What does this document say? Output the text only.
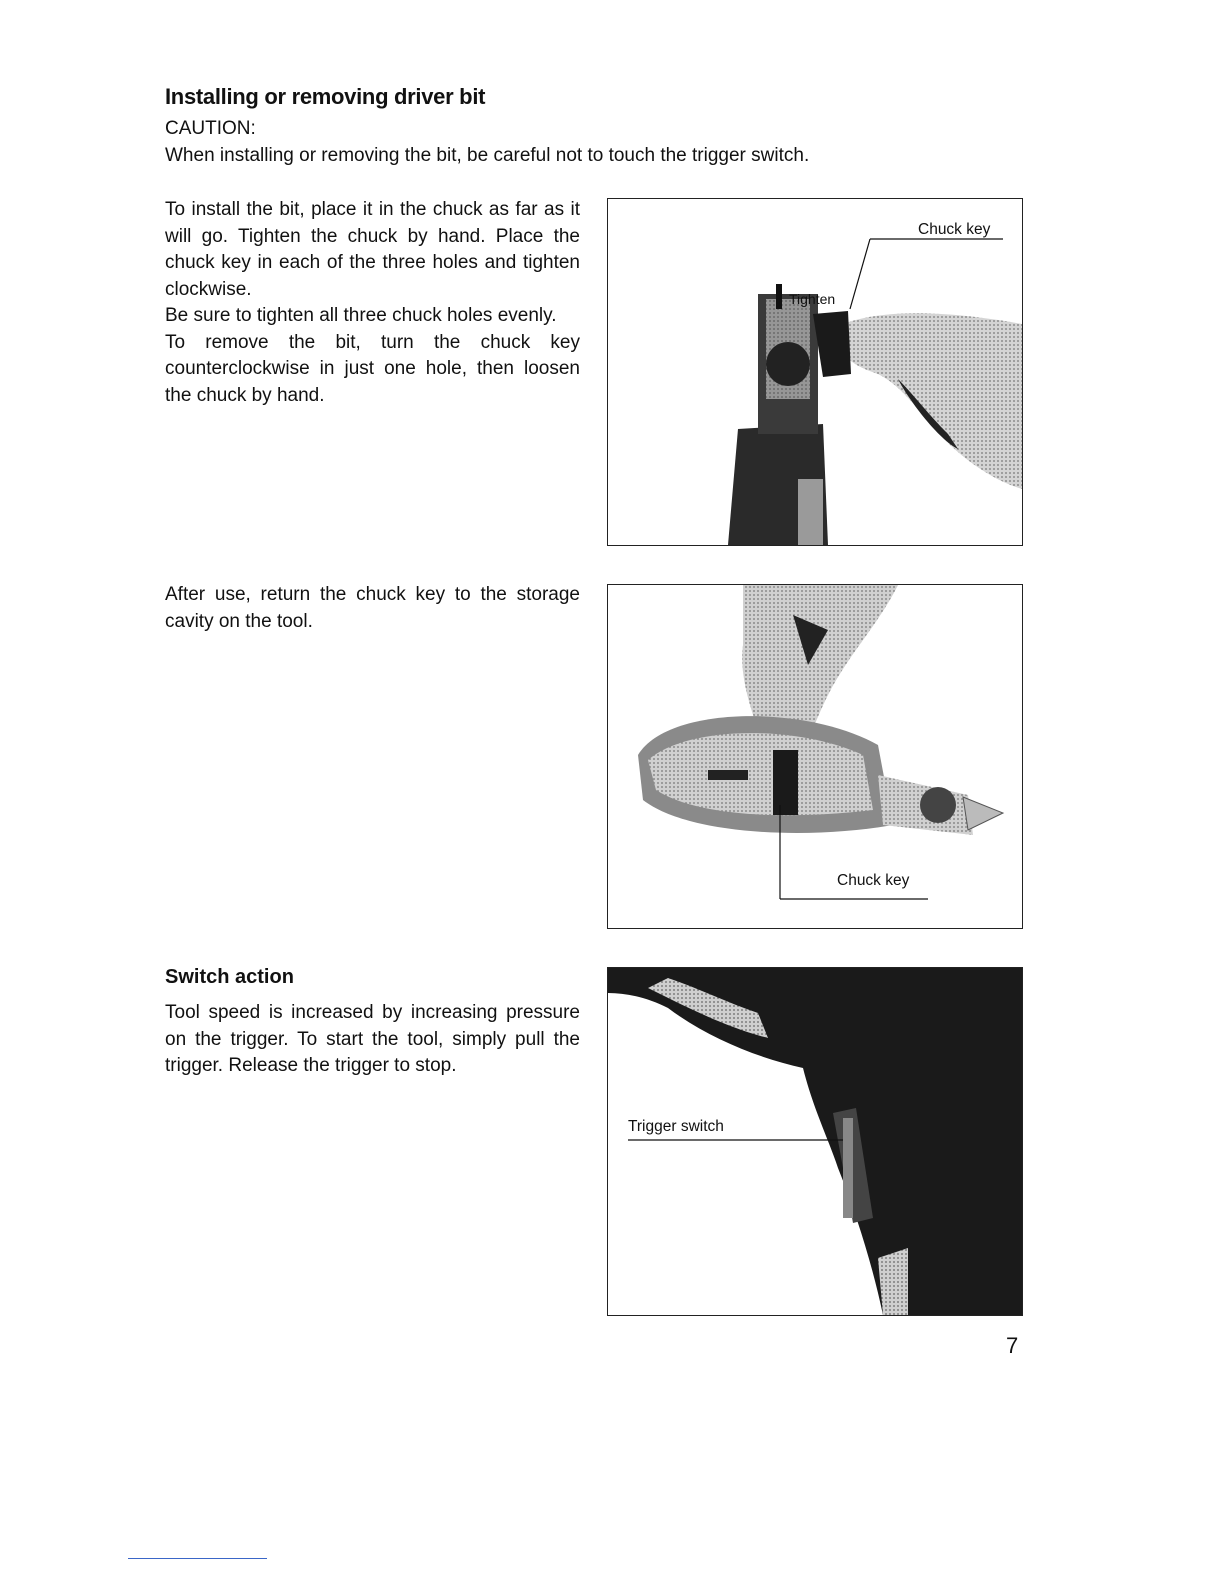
Installing or removing driver bit
CAUTION:
When installing or removing the bit, be careful not to touch the trigger switch.
To install the bit, place it in the chuck as far as it will go. Tighten the chuck by hand. Place the chuck key in each of the three holes and tighten clockwise.
Be sure to tighten all three chuck holes evenly.
To remove the bit, turn the chuck key counterclockwise in just one hole, then loosen the chuck by hand.
After use, return the chuck key to the storage cavity on the tool.
Switch action
Tool speed is increased by increasing pressure on the trigger. To start the tool, simply pull the trigger. Release the trigger to stop.
Chuck key
Tighten
Chuck key
Trigger switch
7
